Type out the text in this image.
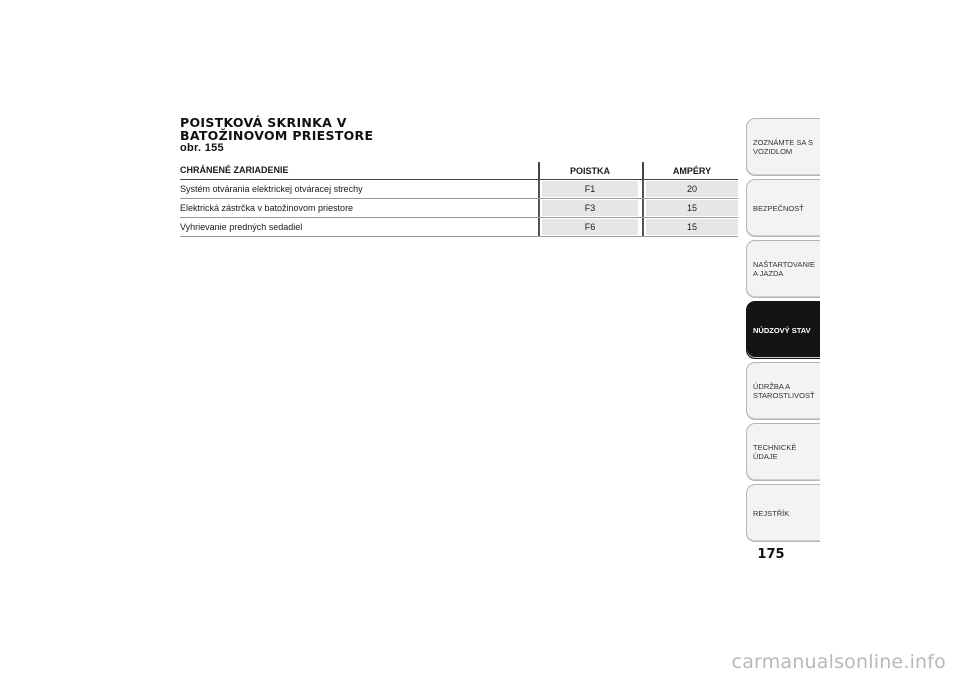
POISTKOVÁ SKRINKA V
BATOŽINOVOM PRIESTORE
obr. 155
CHRÁNENÉ ZARIADENIE	POISTKA	AMPÉRY
Systém otvárania elektrickej otváracej strechy	F1	20
Elektrická zástrčka v batožinovom priestore	F3	15
Vyhrievanie predných sedadiel	F6	15
ZOZNÁMTE SA S VOZIDLOM
BEZPEČNOSŤ
NAŠTARTOVANIE A JAZDA
NÚDZOVÝ STAV
ÚDRŽBA A STAROSTLIVOSŤ
TECHNICKÉ ÚDAJE
REJSTŘÍK
175
carmanualsonline.info
